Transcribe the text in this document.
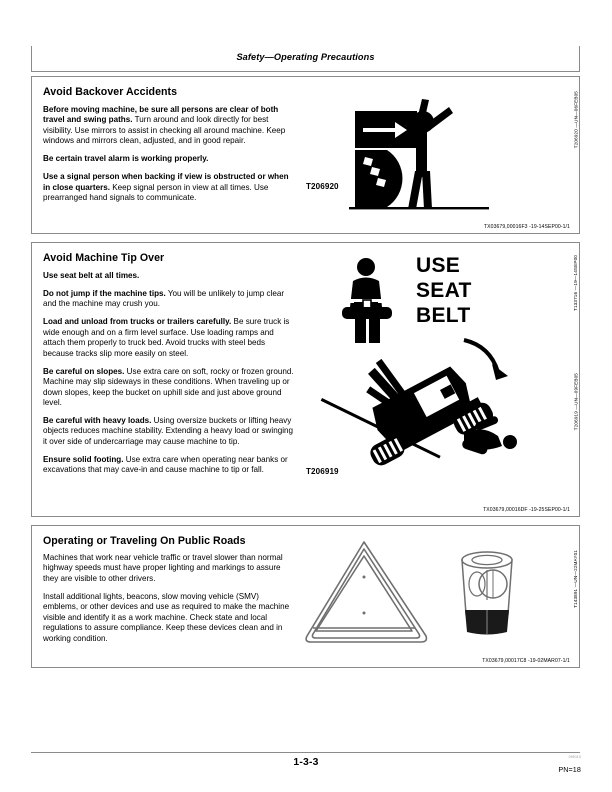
Safety—Operating Precautions
Avoid Backover Accidents

Before moving machine, be sure all persons are clear of both travel and swing paths. Turn around and look directly for best visibility. Use mirrors to assist in checking all around machine. Keep windows and mirrors clean, adjusted, and in good repair.

Be certain travel alarm is working properly.

Use a signal person when backing if view is obstructed or when in close quarters. Keep signal person in view at all times. Use prearranged hand signals to communicate.

T206920
T206920 —UN—06FEB05
TX03679,00016F3 -19-14SEP00-1/1
Avoid Machine Tip Over

Use seat belt at all times.

Do not jump if the machine tips. You will be unlikely to jump clear and the machine may crush you.

Load and unload from trucks or trailers carefully. Be sure truck is wide enough and on a firm level surface. Use loading ramps and attach them properly to truck bed. Avoid trucks with steel beds because tracks slip more easily on steel.

Be careful on slopes. Use extra care on soft, rocky or frozen ground. Machine may slip sideways in these conditions. When traveling up or down slopes, keep the bucket on uphill side and just above ground level.

Be careful with heavy loads. Using oversize buckets or lifting heavy objects reduces machine stability. Extending a heavy load or swinging it over side of undercarriage may cause machine to tip.

Ensure solid footing. Use extra care when operating near banks or excavations that may cave-in and cause machine to tip or fall.

USE
SEAT
BELT
T206919
T133716 —19—14SEP00
T206919 —UN—09FEB05
TX03679,00016DF -19-25SEP00-1/1
Operating or Traveling On Public Roads

Machines that work near vehicle traffic or travel slower than normal highway speeds must have proper lighting and markings to assure they are visible to other drivers.

Install additional lights, beacons, slow moving vehicle (SMV) emblems, or other devices and use as required to make the machine visible and identify it as a work machine. Check state and local regulations to assure compliance. Keep these devices clean and in working condition.

T143891 —UN—22MAY01
TX03679,00017C8 -19-02MAR07-1/1
090110
1-3-3
PN=18
